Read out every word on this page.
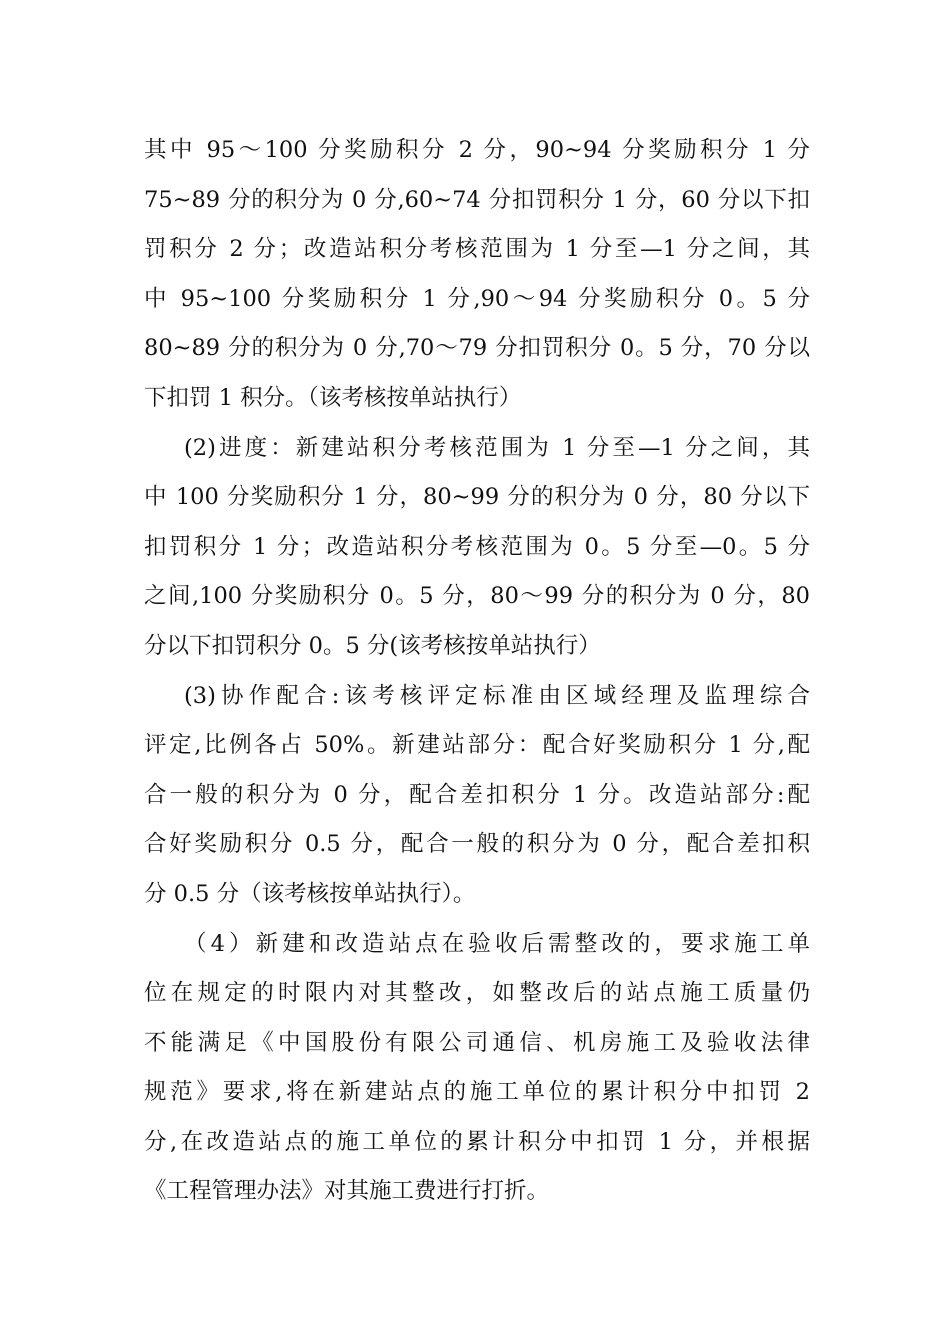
其中 95～100 分奖励积分 2 分，90~94 分奖励积分 1 分
75~89 分的积分为 0 分,60~74 分扣罚积分 1 分，60 分以下扣
罚积分 2 分；改造站积分考核范围为 1 分至—1 分之间，其
中 95~100 分奖励积分 1 分,90～94 分奖励积分 0。5 分
80~89 分的积分为 0 分,70～79 分扣罚积分 0。5 分，70 分以
下扣罚 1 积分。（该考核按单站执行）
(2)进度：新建站积分考核范围为 1 分至—1 分之间，其
中 100 分奖励积分 1 分，80~99 分的积分为 0 分，80 分以下
扣罚积分 1 分；改造站积分考核范围为 0。5 分至—0。5 分
之间,100 分奖励积分 0。5 分，80～99 分的积分为 0 分，80
分以下扣罚积分 0。5 分(该考核按单站执行）
(3)协作配合:该考核评定标准由区域经理及监理综合
评定,比例各占 50%。新建站部分：配合好奖励积分 1 分,配
合一般的积分为 0 分，配合差扣积分 1 分。改造站部分:配
合好奖励积分 0.5 分，配合一般的积分为 0 分，配合差扣积
分 0.5 分（该考核按单站执行）。
（4）新建和改造站点在验收后需整改的，要求施工单
位在规定的时限内对其整改，如整改后的站点施工质量仍
不能满足《中国股份有限公司通信、机房施工及验收法律
规范》要求,将在新建站点的施工单位的累计积分中扣罚 2
分,在改造站点的施工单位的累计积分中扣罚 1 分，并根据
《工程管理办法》对其施工费进行打折。
